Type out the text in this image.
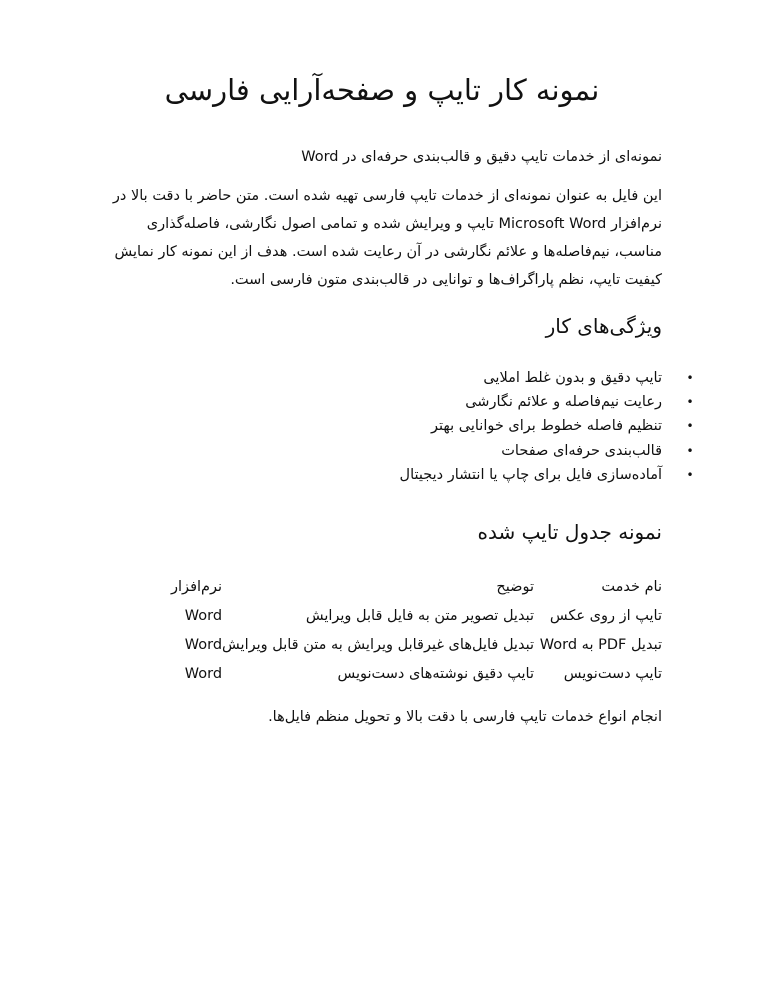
نمونه کار تایپ و صفحه‌آرایی فارسی

نمونه‌ای از خدمات تایپ دقیق و قالب‌بندی حرفه‌ای در Word

این فایل به عنوان نمونه‌ای از خدمات تایپ فارسی تهیه شده است. متن حاضر با دقت بالا در نرم‌افزار Microsoft Word تایپ و ویرایش شده و تمامی اصول نگارشی، فاصله‌گذاری مناسب، نیم‌فاصله‌ها و علائم نگارشی در آن رعایت شده است. هدف از این نمونه کار نمایش کیفیت تایپ، نظم پاراگراف‌ها و توانایی در قالب‌بندی متون فارسی است.

ویژگی‌های کار
•
تایپ دقیق و بدون غلط املایی
•
رعایت نیم‌فاصله و علائم نگارشی
•
تنظیم فاصله خطوط برای خوانایی بهتر
•
قالب‌بندی حرفه‌ای صفحات
•
آماده‌سازی فایل برای چاپ یا انتشار دیجیتال
نمونه جدول تایپ شده
نام خدمت	توضیح	نرم‌افزار
تایپ از روی عکس	تبدیل تصویر متن به فایل قابل ویرایش	Word
تبدیل PDF به Word	تبدیل فایل‌های غیرقابل ویرایش به متن قابل ویرایش	Word
تایپ دست‌نویس	تایپ دقیق نوشته‌های دست‌نویس	Word

انجام انواع خدمات تایپ فارسی با دقت بالا و تحویل منظم فایل‌ها.
